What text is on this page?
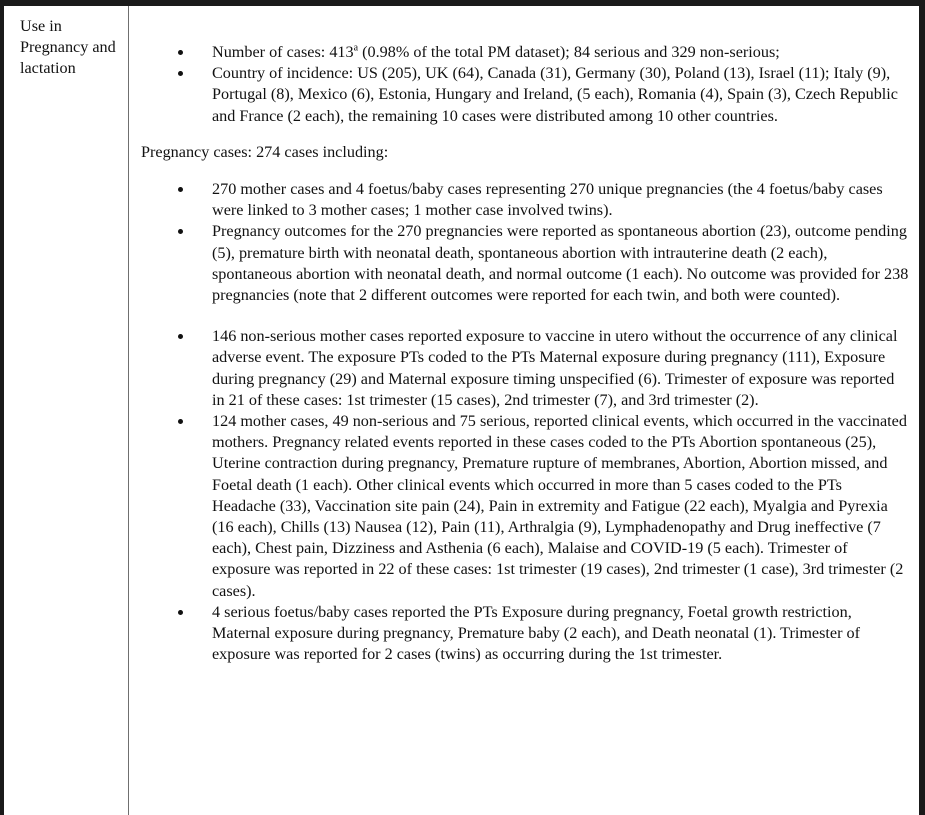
Use in Pregnancy and lactation
Number of cases: 413$^a$ (0.98% of the total PM dataset); 84 serious and 329 non-serious;
Country of incidence: US (205), UK (64), Canada (31), Germany (30), Poland (13), Israel (11); Italy (9), Portugal (8), Mexico (6), Estonia, Hungary and Ireland, (5 each), Romania (4), Spain (3), Czech Republic and France (2 each), the remaining 10 cases were distributed among 10 other countries.
Pregnancy cases: 274 cases including:
270 mother cases and 4 foetus/baby cases representing 270 unique pregnancies (the 4 foetus/baby cases were linked to 3 mother cases; 1 mother case involved twins).
Pregnancy outcomes for the 270 pregnancies were reported as spontaneous abortion (23), outcome pending (5), premature birth with neonatal death, spontaneous abortion with intrauterine death (2 each), spontaneous abortion with neonatal death, and normal outcome (1 each). No outcome was provided for 238 pregnancies (note that 2 different outcomes were reported for each twin, and both were counted).
146 non-serious mother cases reported exposure to vaccine in utero without the occurrence of any clinical adverse event. The exposure PTs coded to the PTs Maternal exposure during pregnancy (111), Exposure during pregnancy (29) and Maternal exposure timing unspecified (6). Trimester of exposure was reported in 21 of these cases: 1st trimester (15 cases), 2nd trimester (7), and 3rd trimester (2).
124 mother cases, 49 non-serious and 75 serious, reported clinical events, which occurred in the vaccinated mothers. Pregnancy related events reported in these cases coded to the PTs Abortion spontaneous (25), Uterine contraction during pregnancy, Premature rupture of membranes, Abortion, Abortion missed, and Foetal death (1 each). Other clinical events which occurred in more than 5 cases coded to the PTs Headache (33), Vaccination site pain (24), Pain in extremity and Fatigue (22 each), Myalgia and Pyrexia (16 each), Chills (13) Nausea (12), Pain (11), Arthralgia (9), Lymphadenopathy and Drug ineffective (7 each), Chest pain, Dizziness and Asthenia (6 each), Malaise and COVID-19 (5 each). Trimester of exposure was reported in 22 of these cases: 1st trimester (19 cases), 2nd trimester (1 case), 3rd trimester (2 cases).
4 serious foetus/baby cases reported the PTs Exposure during pregnancy, Foetal growth restriction, Maternal exposure during pregnancy, Premature baby (2 each), and Death neonatal (1). Trimester of exposure was reported for 2 cases (twins) as occurring during the 1st trimester.
